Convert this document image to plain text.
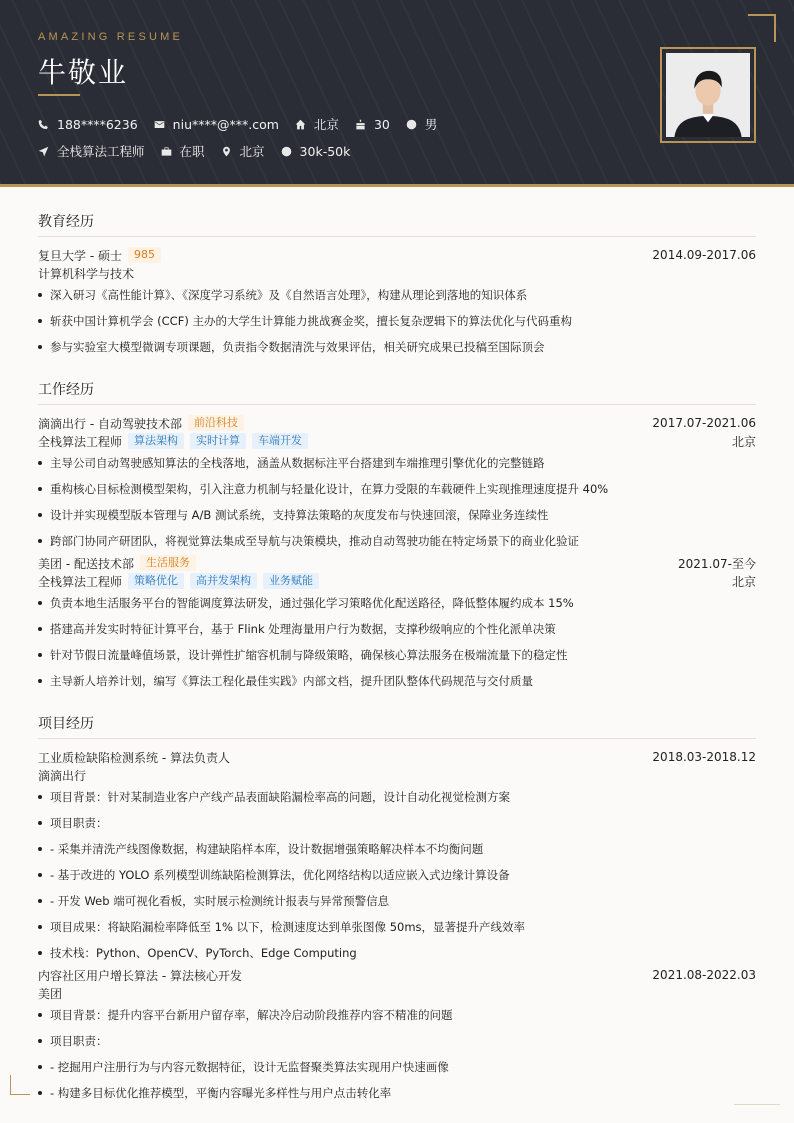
AMAZING RESUME
牛敬业
188****6236	niu****@***.com	北京	30	男
全栈算法工程师	在职	北京	30k-50k
教育经历
复旦大学 - 硕士	985	2014.09-2017.06
计算机科学与技术
深入研习《高性能计算》、《深度学习系统》及《自然语言处理》，构建从理论到落地的知识体系
斩获中国计算机学会 (CCF) 主办的大学生计算能力挑战赛金奖，擅长复杂逻辑下的算法优化与代码重构
参与实验室大模型微调专项课题，负责指令数据清洗与效果评估，相关研究成果已投稿至国际顶会
工作经历
滴滴出行 - 自动驾驶技术部	前沿科技	2017.07-2021.06
全栈算法工程师	算法架构	实时计算	车端开发	北京
主导公司自动驾驶感知算法的全栈落地，涵盖从数据标注平台搭建到车端推理引擎优化的完整链路
重构核心目标检测模型架构，引入注意力机制与轻量化设计，在算力受限的车载硬件上实现推理速度提升 40%
设计并实现模型版本管理与 A/B 测试系统，支持算法策略的灰度发布与快速回滚，保障业务连续性
跨部门协同产研团队，将视觉算法集成至导航与决策模块，推动自动驾驶功能在特定场景下的商业化验证
美团 - 配送技术部	生活服务	2021.07-至今
全栈算法工程师	策略优化	高并发架构	业务赋能	北京
负责本地生活服务平台的智能调度算法研发，通过强化学习策略优化配送路径，降低整体履约成本 15%
搭建高并发实时特征计算平台，基于 Flink 处理海量用户行为数据，支撑秒级响应的个性化派单决策
针对节假日流量峰值场景，设计弹性扩缩容机制与降级策略，确保核心算法服务在极端流量下的稳定性
主导新人培养计划，编写《算法工程化最佳实践》内部文档，提升团队整体代码规范与交付质量
项目经历
工业质检缺陷检测系统 - 算法负责人	2018.03-2018.12
滴滴出行
项目背景：针对某制造业客户产线产品表面缺陷漏检率高的问题，设计自动化视觉检测方案
项目职责：
- 采集并清洗产线图像数据，构建缺陷样本库，设计数据增强策略解决样本不均衡问题
- 基于改进的 YOLO 系列模型训练缺陷检测算法，优化网络结构以适应嵌入式边缘计算设备
- 开发 Web 端可视化看板，实时展示检测统计报表与异常预警信息
项目成果：将缺陷漏检率降低至 1% 以下，检测速度达到单张图像 50ms，显著提升产线效率
技术栈：Python、OpenCV、PyTorch、Edge Computing
内容社区用户增长算法 - 算法核心开发	2021.08-2022.03
美团
项目背景：提升内容平台新用户留存率，解决冷启动阶段推荐内容不精准的问题
项目职责：
- 挖掘用户注册行为与内容元数据特征，设计无监督聚类算法实现用户快速画像
- 构建多目标优化推荐模型，平衡内容曝光多样性与用户点击转化率
